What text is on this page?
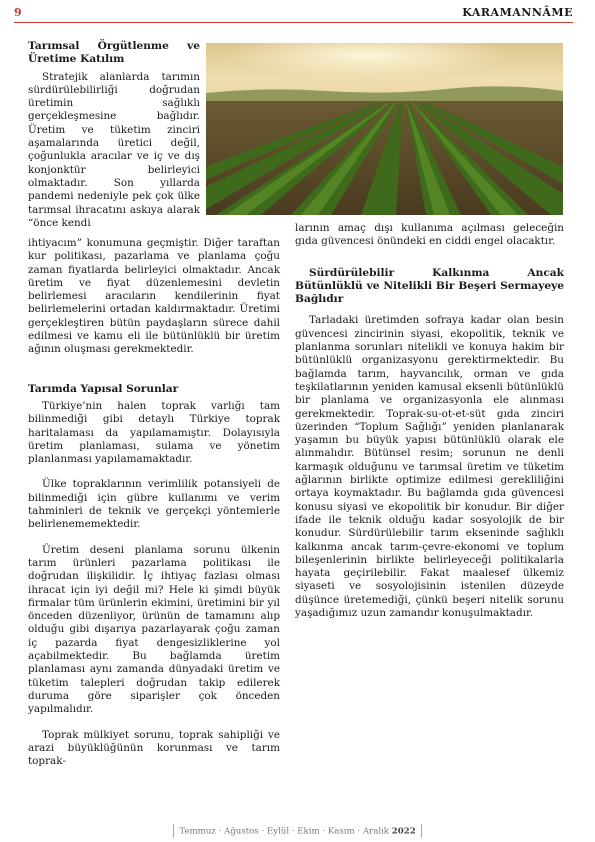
9	KARAMANNÂME
Tarımsal Örgütlenme ve Üretime Katılım

Stratejik alanlarda tarımın sürdürülebilirliği doğrudan üretimin sağlıklı gerçekleşmesine bağlıdır. Üretim ve tüketim zinciri aşamalarında üretici değil, çoğunlukla aracılar ve iç ve dış konjonktür belirleyici olmaktadır. Son yıllarda pandemi nedeniyle pek çok ülke tarımsal ihracatını askıya alarak “önce kendi

ihtiyacım” konumuna geçmiştir. Diğer taraftan kur politikası, pazarlama ve planlama çoğu zaman fiyatlarda belirleyici olmaktadır. Ancak üretim ve fiyat düzenlemesini devletin belirlemesi aracıların kendilerinin fiyat belirlemelerini ortadan kaldırmaktadır. Üretimi gerçekleştiren bütün paydaşların sürece dahil edilmesi ve kamu eli ile bütünlüklü bir üretim ağının oluşması gerekmektedir.

Tarımda Yapısal Sorunlar

Türkiye’nin halen toprak varlığı tam bilinmediği gibi detaylı Türkiye toprak haritalaması da yapılamamıştır. Dolayısıyla üretim planlaması, sulama ve yönetim planlanması yapılamamaktadır.

Ülke topraklarının verimlilik potansiyeli de bilinmediği için gübre kullanımı ve verim tahminleri de teknik ve gerçekçi yöntemlerle belirlenememektedir.

Üretim deseni planlama sorunu ülkenin tarım ürünleri pazarlama politikası ile doğrudan ilişkilidir. İç ihtiyaç fazlası olması ihracat için iyi değil mi? Hele ki şimdi büyük firmalar tüm ürünlerin ekimini, üretimini bir yıl önceden düzenliyor, ürünün de tamamını alıp olduğu gibi dışarıya pazarlayarak çoğu zaman iç pazarda fiyat dengesizliklerine yol açabilmektedir. Bu bağlamda üretim planlaması aynı zamanda dünyadaki üretim ve tüketim talepleri doğrudan takip edilerek duruma göre siparişler çok önceden yapılmalıdır.

Toprak mülkiyet sorunu, toprak sahipliği ve arazi büyüklüğünün korunması ve tarım toprak-

larının amaç dışı kullanıma açılması geleceğin gıda güvencesi önündeki en ciddi engel olacaktır.

Sürdürülebilir Kalkınma Ancak Bütünlüklü ve Nitelikli Bir Beşeri Sermayeye Bağlıdır

Tarladaki üretimden sofraya kadar olan besin güvencesi zincirinin siyasi, ekopolitik, teknik ve planlanma sorunları nitelikli ve konuya hakim bir bütünlüklü organizasyonu gerektirmektedir. Bu bağlamda tarım, hayvancılık, orman ve gıda teşkilatlarının yeniden kamusal eksenli bütünlüklü bir planlama ve organizasyonla ele alınması gerekmektedir. Toprak-su-ot-et-süt gıda zinciri üzerinden “Toplum Sağlığı” yeniden planlanarak yaşamın bu büyük yapısı bütünlüklü olarak ele alınmalıdır. Bütünsel resim; sorunun ne denli karmaşık olduğunu ve tarımsal üretim ve tüketim ağlarının birlikte optimize edilmesi gerekliliğini ortaya koymaktadır. Bu bağlamda gıda güvencesi konusu siyasi ve ekopolitik bir konudur. Bir diğer ifade ile teknik olduğu kadar sosyolojik de bir konudur. Sürdürülebilir tarım ekseninde sağlıklı kalkınma ancak tarım-çevre-ekonomi ve toplum bileşenlerinin birlikte belirleyeceği politikalarla hayata geçirilebilir. Fakat maalesef ülkemiz siyaseti ve sosyolojisinin istenilen düzeyde düşünce üretemediği, çünkü beşeri nitelik sorunu yaşadığımız uzun zamandır konuşulmaktadır.

Temmuz · Ağustos · Eylül · Ekim · Kasım · Aralık 2022
